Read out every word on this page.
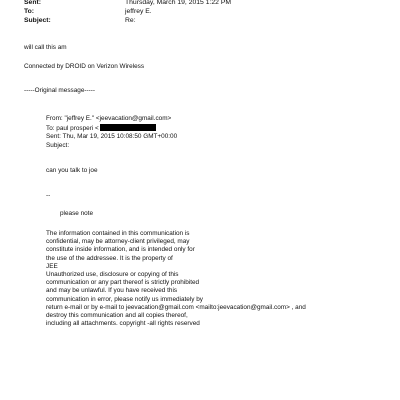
Sent:	Thursday, March 19, 2015 1:22 PM
To:	jeffrey E.
Subject:	Re:
will call this am
Connected by DROID on Verizon Wireless
-----Original message-----
From: "jeffrey E." <jeevacation@gmail.com>
To: paul prosperi <
Sent: Thu, Mar 19, 2015 10:08:50 GMT+00:00
Subject:
can you talk to joe
--
please note
The information contained in this communication is
confidential, may be attorney-client privileged, may
constitute inside information, and is intended only for
the use of the addressee. It is the property of
JEE
Unauthorized use, disclosure or copying of this
communication or any part thereof is strictly prohibited
and may be unlawful. If you have received this
communication in error, please notify us immediately by
return e-mail or by e-mail to jeevacation@gmail.com <mailto:jeevacation@gmail.com> , and
destroy this communication and all copies thereof,
including all attachments. copyright -all rights reserved
